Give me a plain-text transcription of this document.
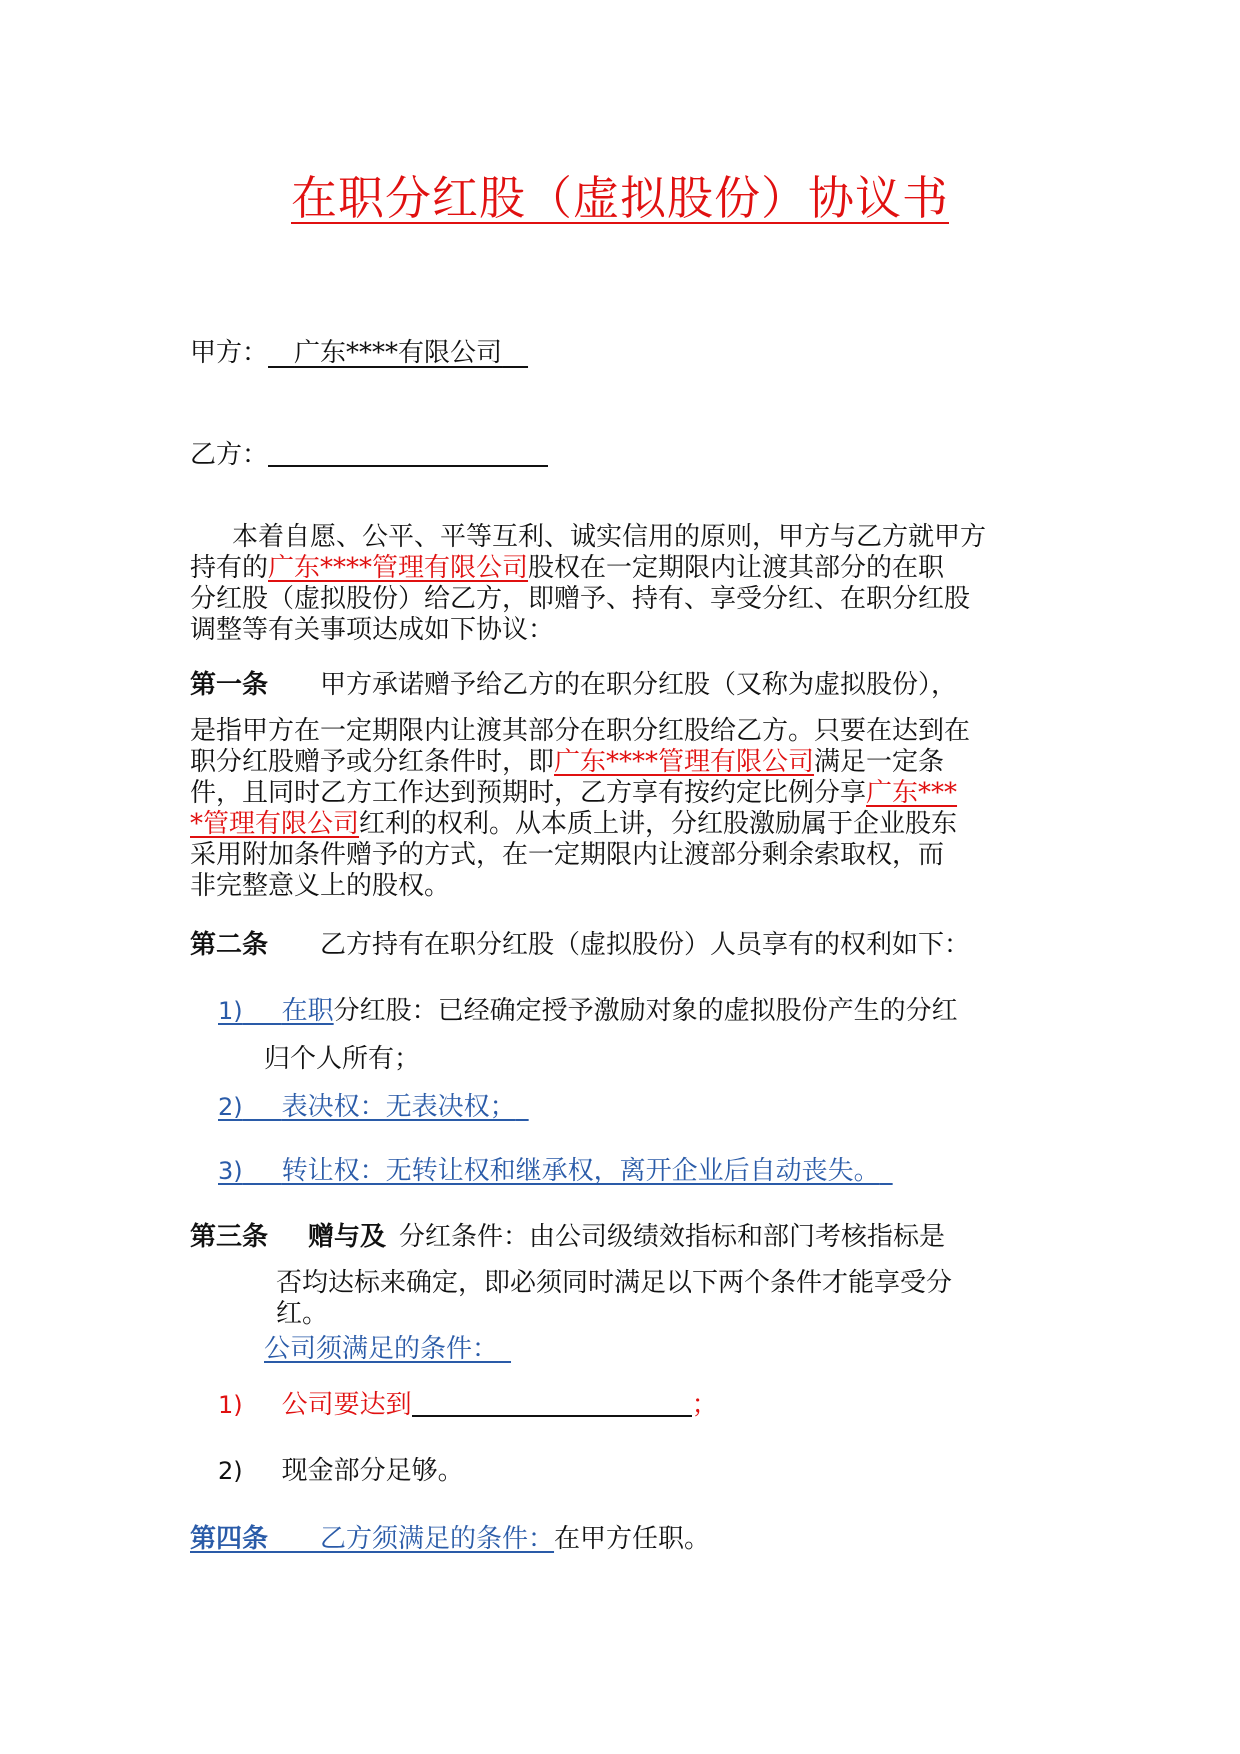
在职分红股（虚拟股份）协议书
甲方：  广东****有限公司 
乙方：
本着自愿、公平、平等互利、诚实信用的原则，甲方与乙方就甲方
持有的广东****管理有限公司股权在一定期限内让渡其部分的在职
分红股（虚拟股份）给乙方，即赠予、持有、享受分红、在职分红股
调整等有关事项达成如下协议：
第一条 甲方承诺赠予给乙方的在职分红股（又称为虚拟股份），
是指甲方在一定期限内让渡其部分在职分红股给乙方。只要在达到在
职分红股赠予或分红条件时，即广东****管理有限公司满足一定条
件，且同时乙方工作达到预期时，乙方享有按约定比例分享广东***
*管理有限公司红利的权利。从本质上讲，分红股激励属于企业股东
采用附加条件赠予的方式，在一定期限内让渡部分剩余索取权，而
非完整意义上的股权。
第二条 乙方持有在职分红股（虚拟股份）人员享有的权利如下：
1)   在职分红股：已经确定授予激励对象的虚拟股份产生的分红
归个人所有；
2)   表决权：无表决权； 
3)   转让权：无转让权和继承权，离开企业后自动丧失。 
第三条 赠与及  分红条件：由公司级绩效指标和部门考核指标是
否均达标来确定，即必须同时满足以下两个条件才能享受分
红。
公司须满足的条件： 
1)   公司要达到	；
2)   现金部分足够。
第四条   乙方须满足的条件：在甲方任职。
